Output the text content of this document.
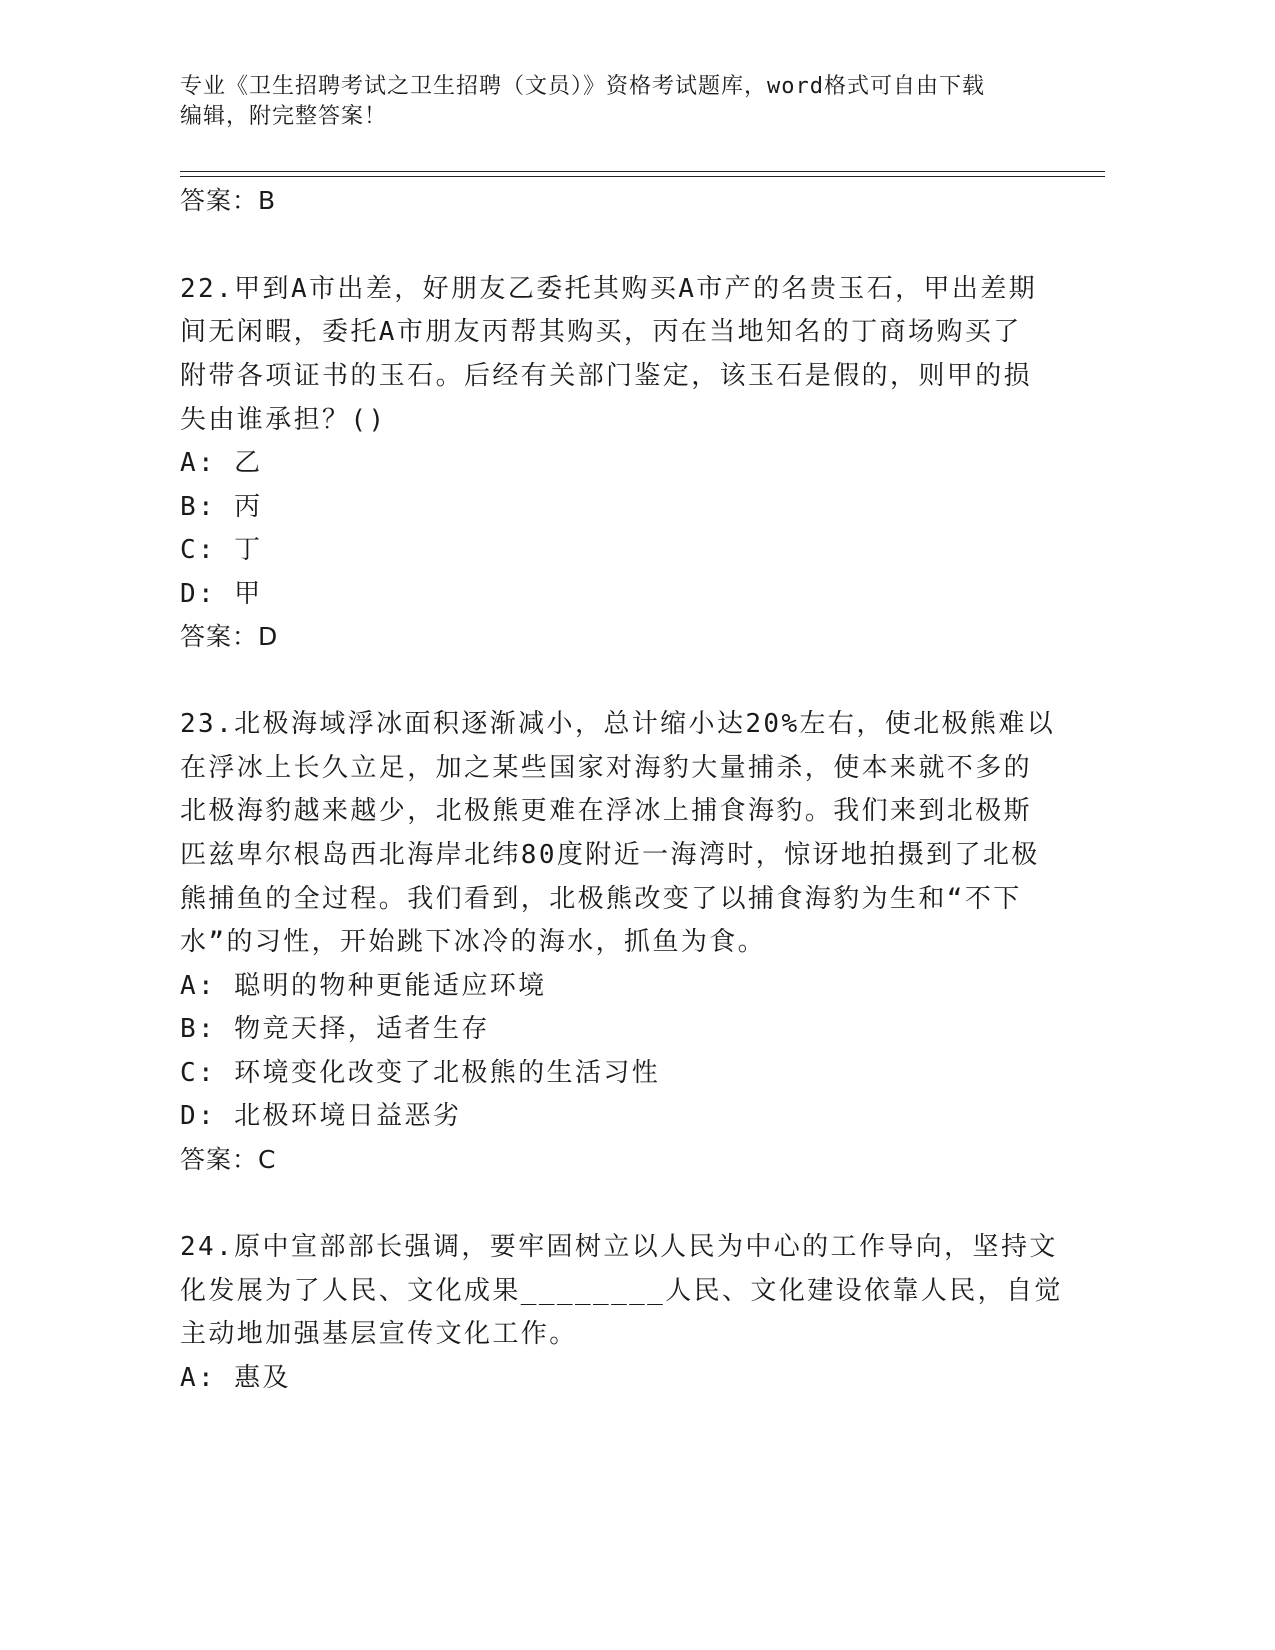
专业《卫生招聘考试之卫生招聘（文员）》资格考试题库，word格式可自由下载
编辑，附完整答案！
答案：B
22.甲到A市出差，好朋友乙委托其购买A市产的名贵玉石，甲出差期
间无闲暇，委托A市朋友丙帮其购买，丙在当地知名的丁商场购买了
附带各项证书的玉石。后经有关部门鉴定，该玉石是假的，则甲的损
失由谁承担？()
A: 乙
B: 丙
C: 丁
D: 甲
答案：D
23.北极海域浮冰面积逐渐减小，总计缩小达20%左右，使北极熊难以
在浮冰上长久立足，加之某些国家对海豹大量捕杀，使本来就不多的
北极海豹越来越少，北极熊更难在浮冰上捕食海豹。我们来到北极斯
匹兹卑尔根岛西北海岸北纬80度附近一海湾时，惊讶地拍摄到了北极
熊捕鱼的全过程。我们看到，北极熊改变了以捕食海豹为生和“不下
水”的习性，开始跳下冰冷的海水，抓鱼为食。
A: 聪明的物种更能适应环境
B: 物竞天择，适者生存
C: 环境变化改变了北极熊的生活习性
D: 北极环境日益恶劣
答案：C
24.原中宣部部长强调，要牢固树立以人民为中心的工作导向，坚持文
化发展为了人民、文化成果________人民、文化建设依靠人民，自觉
主动地加强基层宣传文化工作。
A: 惠及
